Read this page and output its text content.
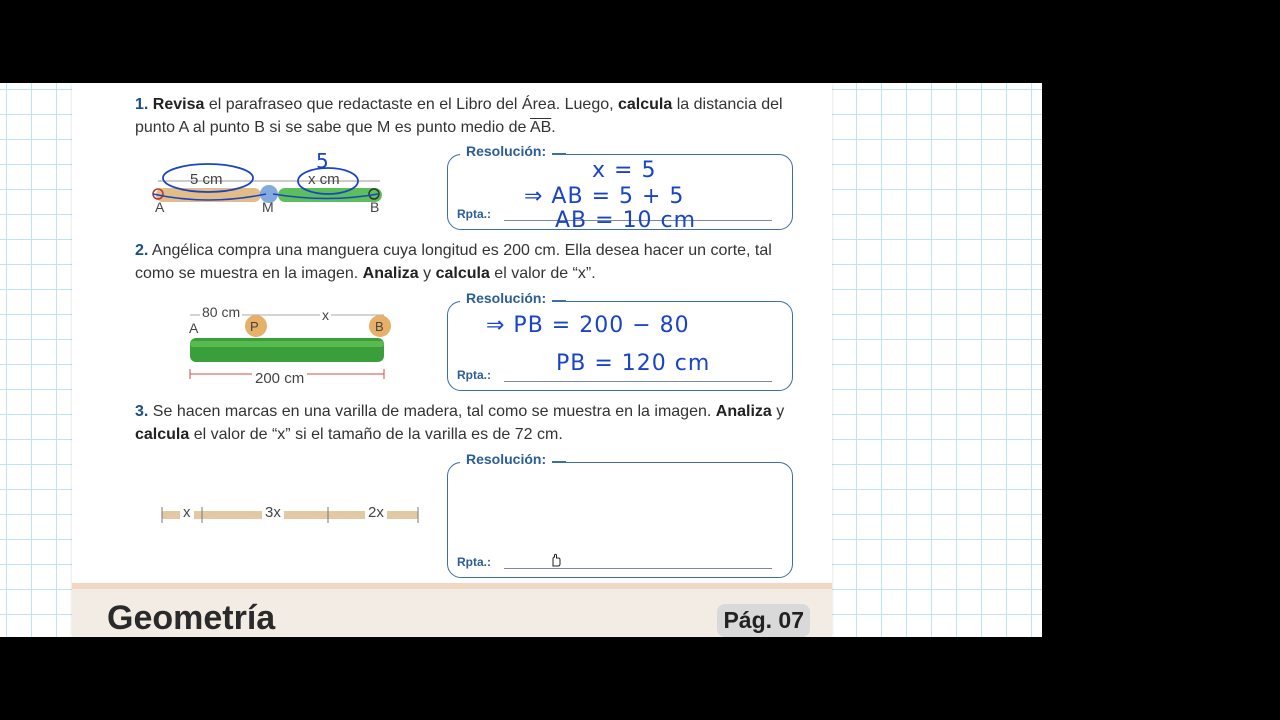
1. Revisa el parafraseo que redactaste en el Libro del Área. Luego, calcula la distancia del punto A al punto B si se sabe que M es punto medio de $\overline{AB}$.
5 cm	x cm
5
A	M	B
Resolución:
Rpta.:
x = 5
⇒ AB = 5 + 5
AB = 10 cm
2. Angélica compra una manguera cuya longitud es 200 cm. Ella desea hacer un corte, tal como se muestra en la imagen. Analiza y calcula el valor de “x”.
80 cm	x
A	P	B
200 cm
Resolución:
Rpta.:
⇒ PB = 200 − 80
PB = 120 cm
3. Se hacen marcas en una varilla de madera, tal como se muestra en la imagen. Analiza y calcula el valor de “x” si el tamaño de la varilla es de 72 cm.
x	3x	2x
Resolución:
Rpta.:
Geometría	Pág. 07
